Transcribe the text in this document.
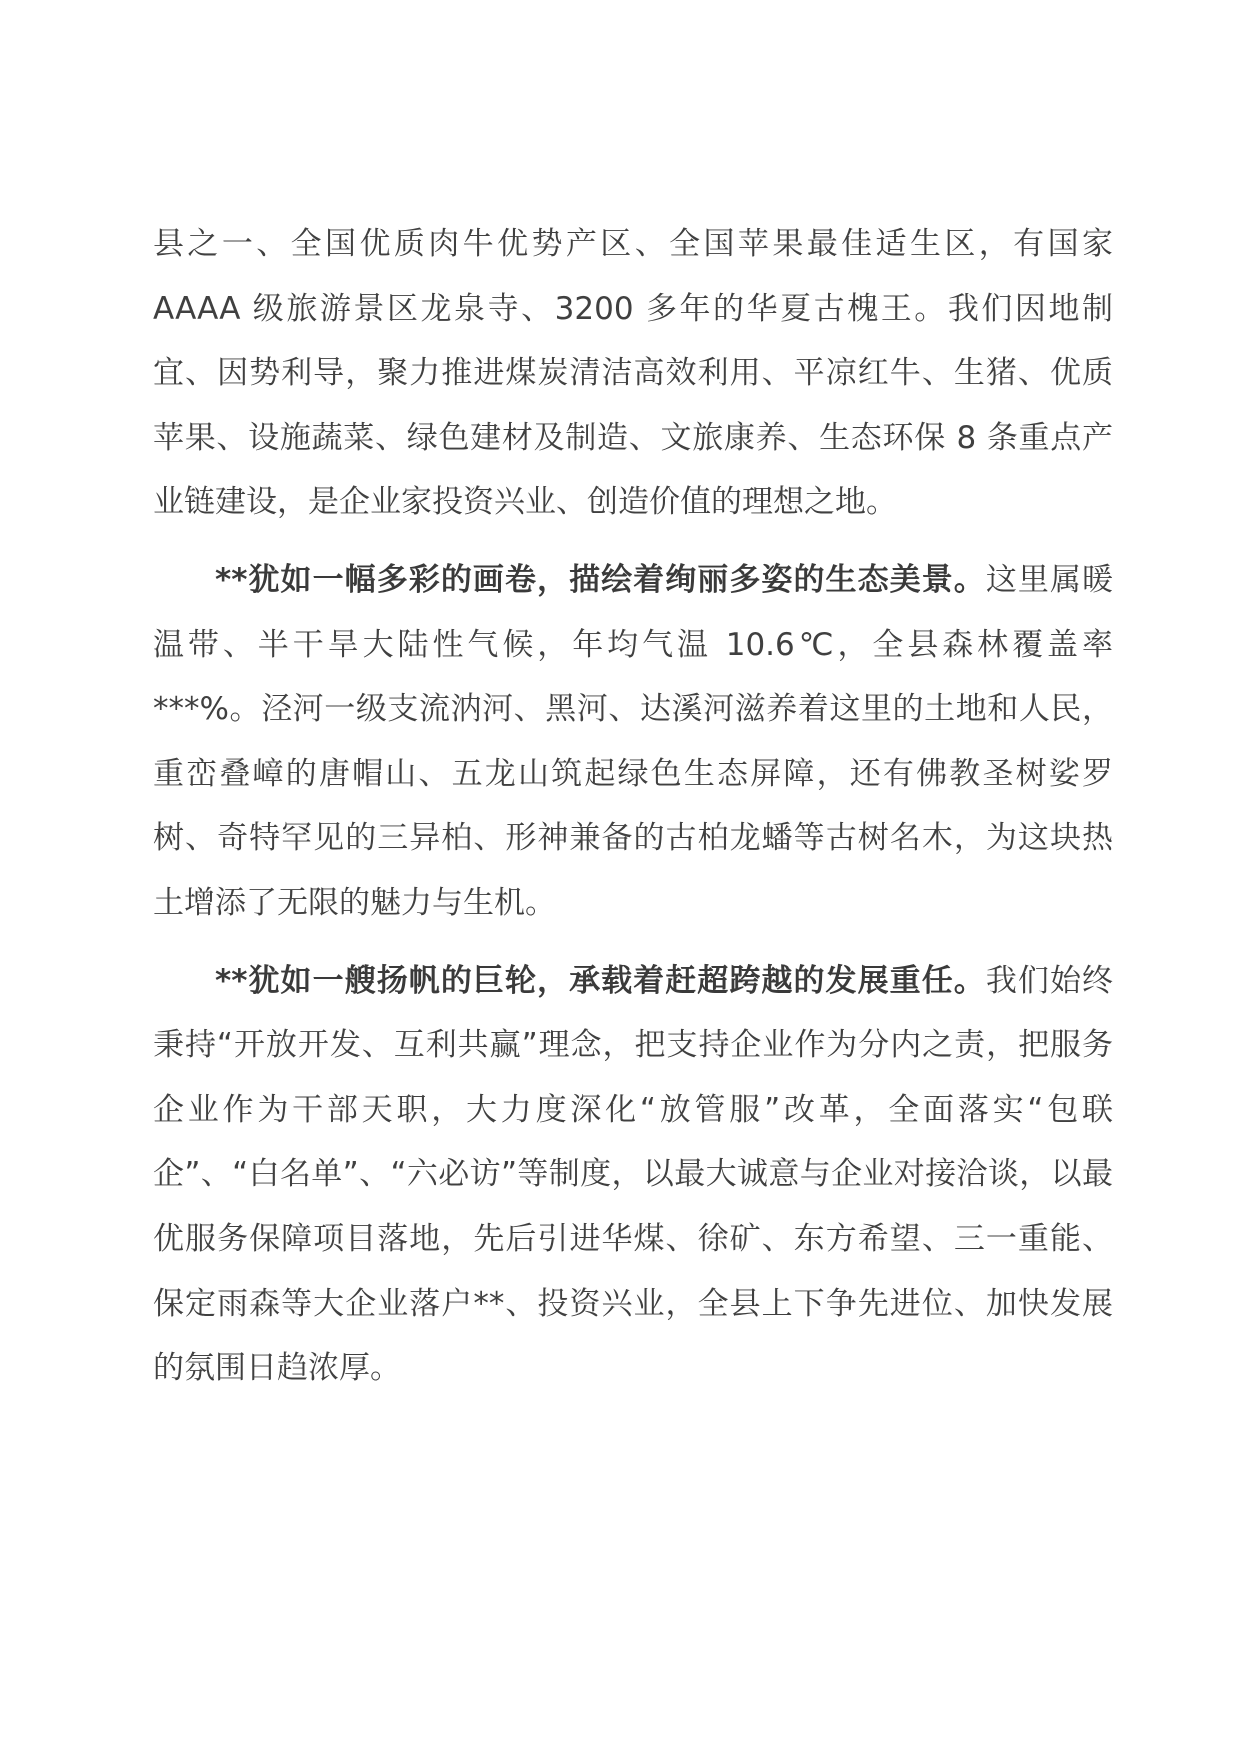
县之一、全国优质肉牛优势产区、全国苹果最佳适生区，有国家 AAAA 级旅游景区龙泉寺、3200 多年的华夏古槐王。我们因地制宜、因势利导，聚力推进煤炭清洁高效利用、平凉红牛、生猪、优质苹果、设施蔬菜、绿色建材及制造、文旅康养、生态环保 8 条重点产业链建设，是企业家投资兴业、创造价值的理想之地。

**犹如一幅多彩的画卷，描绘着绚丽多姿的生态美景。这里属暖温带、半干旱大陆性气候，年均气温 10.6℃，全县森林覆盖率***%。泾河一级支流汭河、黑河、达溪河滋养着这里的土地和人民，重峦叠嶂的唐帽山、五龙山筑起绿色生态屏障，还有佛教圣树娑罗树、奇特罕见的三异柏、形神兼备的古柏龙蟠等古树名木，为这块热土增添了无限的魅力与生机。

**犹如一艘扬帆的巨轮，承载着赶超跨越的发展重任。我们始终秉持“开放开发、互利共赢”理念，把支持企业作为分内之责，把服务企业作为干部天职，大力度深化“放管服”改革，全面落实“包联企”、“白名单”、“六必访”等制度，以最大诚意与企业对接洽谈，以最优服务保障项目落地，先后引进华煤、徐矿、东方希望、三一重能、保定雨森等大企业落户**、投资兴业，全县上下争先进位、加快发展的氛围日趋浓厚。
